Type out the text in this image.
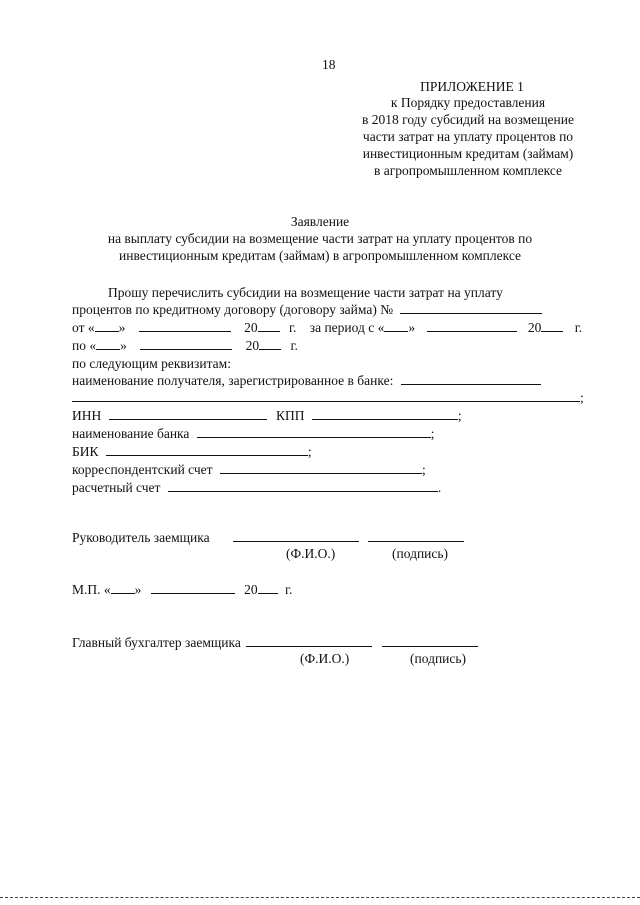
18
ПРИЛОЖЕНИЕ 1
к Порядку предоставления
в 2018 году субсидий на возмещение
части затрат на уплату процентов по
инвестиционным кредитам (займам)
в агропромышленном комплексе
Заявление
на выплату субсидии на возмещение части затрат на уплату процентов по
инвестиционным кредитам (займам) в агропромышленном комплексе
Прошу перечислить субсидии на возмещение части затрат на уплату
процентов по кредитному договору (договору займа) №
от « »	20 г. за период с « »	20 г.
по « »	20 г.
по следующим реквизитам:
наименование получателя, зарегистрированное в банке:
;
ИНН	КПП	;
наименование банка	;
БИК	;
корреспондентский счет	;
расчетный счет	.
Руководитель заемщика
(Ф.И.О.)	(подпись)
М.П. « »	20 г.
Главный бухгалтер заемщика
(Ф.И.О.)	(подпись)
